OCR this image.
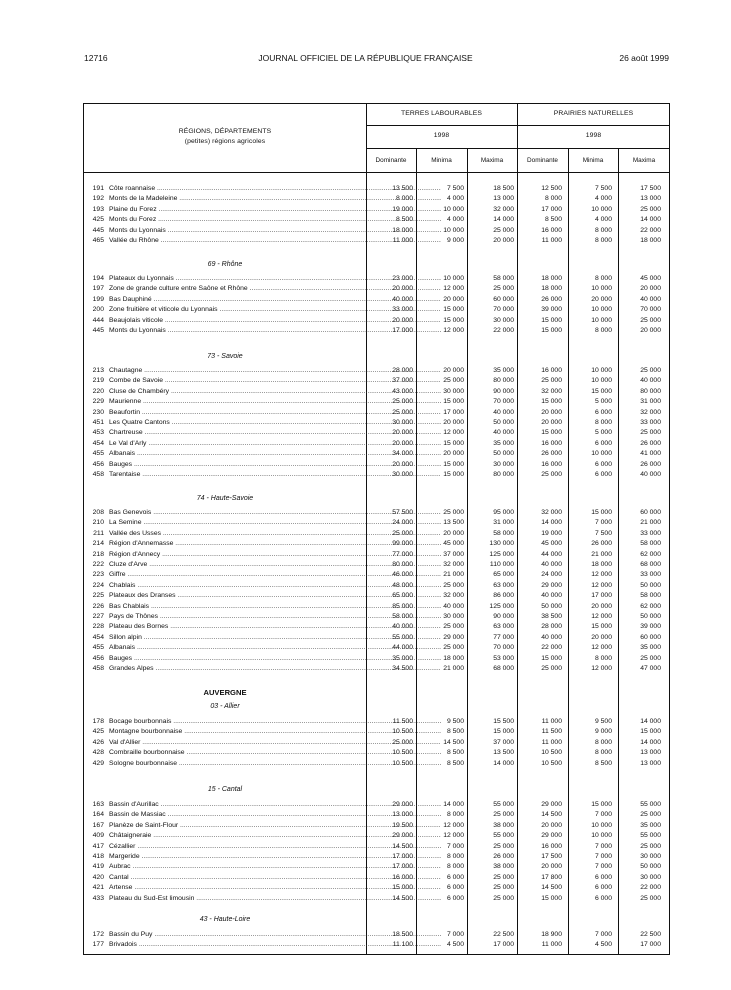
12716	JOURNAL OFFICIEL DE LA RÉPUBLIQUE FRANÇAISE	26 août 1999
RÉGIONS, DÉPARTEMENTS
(petites) régions agricoles
TERRES LABOURABLES	PRAIRIES NATURELLES
1998	1998
Dominante	Minima	Maxima	Dominante	Minima	Maxima
191 Côte roannaise .....	13 500	7 500	18 500	12 500	7 500	17 500
192 Monts de la Madeleine .....	8 000	4 000	13 000	8 000	4 000	13 000
193 Plaine du Forez .....	19 000	10 000	32 000	17 000	10 000	25 000
425 Monts du Forez .....	8 500	4 000	14 000	8 500	4 000	14 000
445 Monts du Lyonnais .....	18 000	10 000	25 000	16 000	8 000	22 000
465 Vallée du Rhône .....	11 000	9 000	20 000	11 000	8 000	18 000
69 - Rhône
194 Plateaux du Lyonnais .....	23 000	10 000	58 000	18 000	8 000	45 000
197 Zone de grande culture entre Saône et Rhône .....	20 000	12 000	25 000	18 000	10 000	20 000
199 Bas Dauphiné .....	40 000	20 000	60 000	26 000	20 000	40 000
200 Zone fruitière et viticole du Lyonnais .....	33 000	15 000	70 000	39 000	10 000	70 000
444 Beaujolais viticole .....	20 000	15 000	30 000	15 000	10 000	25 000
445 Monts du Lyonnais .....	17 000	12 000	22 000	15 000	8 000	20 000
73 - Savoie
213 Chautagne .....	28 000	20 000	35 000	16 000	10 000	25 000
219 Combe de Savoie .....	37 000	25 000	80 000	25 000	10 000	40 000
220 Cluse de Chambéry .....	43 000	30 000	90 000	32 000	15 000	80 000
229 Maurienne .....	25 000	15 000	70 000	15 000	5 000	31 000
230 Beaufortin .....	25 000	17 000	40 000	20 000	6 000	32 000
451 Les Quatre Cantons .....	30 000	20 000	50 000	20 000	8 000	33 000
453 Chartreuse .....	20 000	12 000	40 000	15 000	5 000	25 000
454 Le Val d'Arly .....	20 000	15 000	35 000	16 000	6 000	26 000
455 Albanais .....	34 000	20 000	50 000	26 000	10 000	41 000
456 Bauges .....	20 000	15 000	30 000	16 000	6 000	26 000
458 Tarentaise .....	30 000	15 000	80 000	25 000	6 000	40 000
74 - Haute-Savoie
208 Bas Genevois .....	57 500	25 000	95 000	32 000	15 000	60 000
210 La Semine .....	24 000	13 500	31 000	14 000	7 000	21 000
211 Vallée des Usses .....	25 000	20 000	58 000	19 000	7 500	33 000
214 Région d'Annemasse .....	99 000	45 000	130 000	45 000	26 000	58 000
218 Région d'Annecy .....	77 000	37 000	125 000	44 000	21 000	62 000
222 Cluze d'Arve .....	80 000	32 000	110 000	40 000	18 000	68 000
223 Giffre .....	46 000	21 000	65 000	24 000	12 000	33 000
224 Chablais .....	48 000	25 000	63 000	29 000	12 000	50 000
225 Plateaux des Dranses .....	65 000	32 000	86 000	40 000	17 000	58 000
226 Bas Chablais .....	85 000	40 000	125 000	50 000	20 000	62 000
227 Pays de Thônes .....	58 000	30 000	90 000	38 500	12 000	50 000
228 Plateau des Bornes .....	40 000	25 000	63 000	28 000	15 000	39 000
454 Sillon alpin .....	55 000	29 000	77 000	40 000	20 000	60 000
455 Albanais .....	44 000	25 000	70 000	22 000	12 000	35 000
456 Bauges .....	35 000	18 000	53 000	15 000	8 000	25 000
458 Grandes Alpes .....	34 500	21 000	68 000	25 000	12 000	47 000
AUVERGNE
03 - Allier
178 Bocage bourbonnais .....	11 500	9 500	15 500	11 000	9 500	14 000
425 Montagne bourbonnaise .....	10 500	8 500	15 000	11 500	9 000	15 000
426 Val d'Allier .....	25 000	14 500	37 000	11 000	8 000	14 000
428 Combraille bourbonnaise .....	10 500	8 500	13 500	10 500	8 000	13 000
429 Sologne bourbonnaise .....	10 500	8 500	14 000	10 500	8 500	13 000
15 - Cantal
163 Bassin d'Aurillac .....	29 000	14 000	55 000	29 000	15 000	55 000
164 Bassin de Massiac .....	13 000	8 000	25 000	14 500	7 000	25 000
167 Planèze de Saint-Flour .....	19 500	12 000	38 000	20 000	10 000	35 000
409 Châtaigneraie .....	29 000	12 000	55 000	29 000	10 000	55 000
417 Cézallier .....	14 500	7 000	25 000	16 000	7 000	25 000
418 Margeride .....	17 000	8 000	26 000	17 500	7 000	30 000
419 Aubrac .....	17 000	8 000	38 000	20 000	7 000	50 000
420 Cantal .....	16 000	6 000	25 000	17 800	6 000	30 000
421 Artense .....	15 000	6 000	25 000	14 500	6 000	22 000
433 Plateau du Sud-Est limousin .....	14 500	6 000	25 000	15 000	6 000	25 000
43 - Haute-Loire
172 Bassin du Puy .....	18 500	7 000	22 500	18 900	7 000	22 500
177 Brivadois .....	11 100	4 500	17 000	11 000	4 500	17 000
